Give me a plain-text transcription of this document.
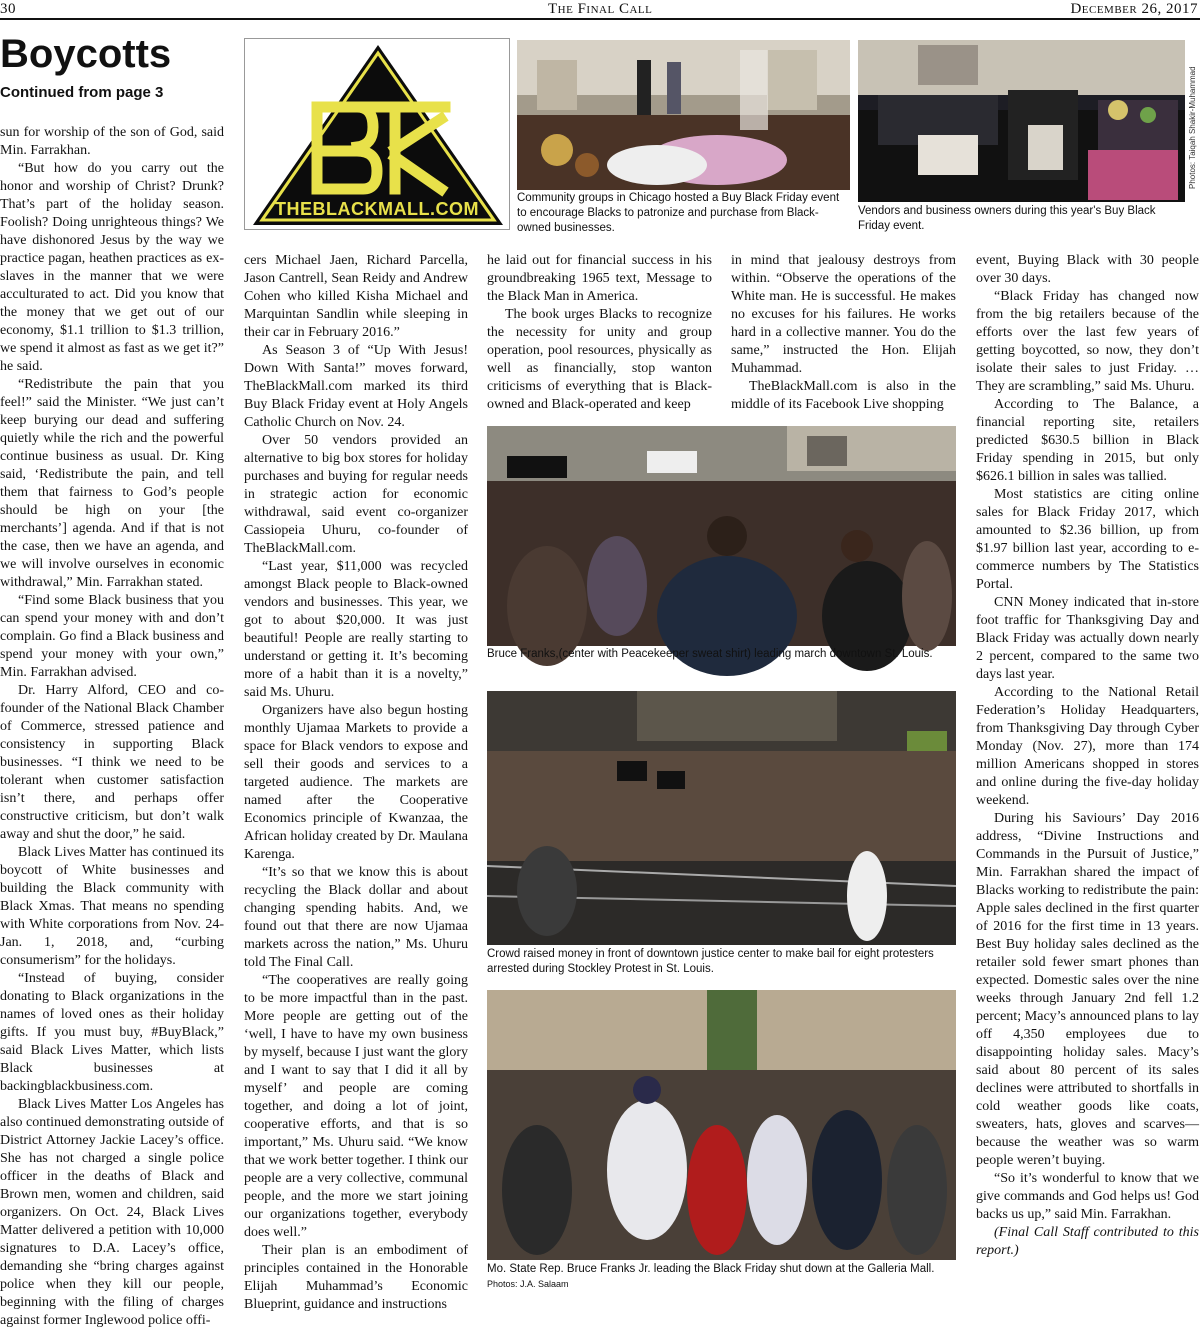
30	The Final Call	December 26, 2017
Boycotts
Continued from page 3

sun for worship of the son of God, said Min. Farrakhan.

“But how do you carry out the honor and worship of Christ? Drunk? That’s part of the holiday season. Foolish? Doing unrighteous things? We have dishonored Jesus by the way we practice pagan, heathen practices as ex-slaves in the manner that we were acculturated to act. Did you know that the money that we get out of our economy, $1.1 trillion to $1.3 trillion, we spend it almost as fast as we get it?” he said.

“Redistribute the pain that you feel!” said the Minister. “We just can’t keep burying our dead and suffering quietly while the rich and the powerful continue business as usual. Dr. King said, ‘Redistribute the pain, and tell them that fairness to God’s people should be high on your [the merchants’] agenda. And if that is not the case, then we have an agenda, and we will involve ourselves in economic withdrawal,” Min. Farrakhan stated.

“Find some Black business that you can spend your money with and don’t complain. Go find a Black business and spend your money with your own,” Min. Farrakhan advised.

Dr. Harry Alford, CEO and co-founder of the National Black Chamber of Commerce, stressed patience and consistency in supporting Black businesses. “I think we need to be tolerant when customer satisfaction isn’t there, and perhaps offer constructive criticism, but don’t walk away and shut the door,” he said.

Black Lives Matter has continued its boycott of White businesses and building the Black community with Black Xmas. That means no spending with White corporations from Nov. 24-Jan. 1, 2018, and, “curbing consumerism” for the holidays.

“Instead of buying, consider donating to Black organizations in the names of loved ones as their holiday gifts. If you must buy, #BuyBlack,” said Black Lives Matter, which lists Black businesses at backingblackbusiness.com.

Black Lives Matter Los Angeles has also continued demonstrating outside of District Attorney Jackie Lacey’s office. She has not charged a single police officer in the deaths of Black and Brown men, women and children, said organizers. On Oct. 24, Black Lives Matter delivered a petition with 10,000 signatures to D.A. Lacey’s office, demanding she “bring charges against police when they kill our people, beginning with the filing of charges against former Inglewood police offi-

THEBLACKMALL.COM
Community groups in Chicago hosted a Buy Black Friday event to encourage Blacks to patronize and purchase from Black-owned businesses.
Vendors and business owners during this year's Buy Black Friday event.
Photos: Taiqah Shakir-Muhammad

cers Michael Jaen, Richard Parcella, Jason Cantrell, Sean Reidy and Andrew Cohen who killed Kisha Michael and Marquintan Sandlin while sleeping in their car in February 2016.”

As Season 3 of “Up With Jesus! Down With Santa!” moves forward, TheBlackMall.com marked its third Buy Black Friday event at Holy Angels Catholic Church on Nov. 24.

Over 50 vendors provided an alternative to big box stores for holiday purchases and buying for regular needs in strategic action for economic withdrawal, said event co-organizer Cassiopeia Uhuru, co-founder of TheBlackMall.com.

“Last year, $11,000 was recycled amongst Black people to Black-owned vendors and businesses. This year, we got to about $20,000. It was just beautiful! People are really starting to understand or getting it. It’s becoming more of a habit than it is a novelty,” said Ms. Uhuru.

Organizers have also begun hosting monthly Ujamaa Markets to provide a space for Black vendors to expose and sell their goods and services to a targeted audience. The markets are named after the Cooperative Economics principle of Kwanzaa, the African holiday created by Dr. Maulana Karenga.

“It’s so that we know this is about recycling the Black dollar and about changing spending habits. And, we found out that there are now Ujamaa markets across the nation,” Ms. Uhuru told The Final Call.

“The cooperatives are really going to be more impactful than in the past. More people are getting out of the ‘well, I have to have my own business by myself, because I just want the glory and I want to say that I did it all by myself’ and people are coming together, and doing a lot of joint, cooperative efforts, and that is so important,” Ms. Uhuru said. “We know that we work better together. I think our people are a very collective, communal people, and the more we start joining our organizations together, everybody does well.”

Their plan is an embodiment of principles contained in the Honorable Elijah Muhammad’s Economic Blueprint, guidance and instructions

he laid out for financial success in his groundbreaking 1965 text, Message to the Black Man in America.

The book urges Blacks to recognize the necessity for unity and group operation, pool resources, physically as well as financially, stop wanton criticisms of everything that is Black-owned and Black-operated and keep

in mind that jealousy destroys from within. “Observe the operations of the White man. He is successful. He makes no excuses for his failures. He works hard in a collective manner. You do the same,” instructed the Hon. Elijah Muhammad.

TheBlackMall.com is also in the middle of its Facebook Live shopping

Bruce Franks,(center with Peacekeeper sweat shirt) leading march downtown St. Louis.
Crowd raised money in front of downtown justice center to make bail for eight protesters arrested during Stockley Protest in St. Louis.
Mo. State Rep. Bruce Franks Jr. leading the Black Friday shut down at the Galleria Mall. Photos: J.A. Salaam

event, Buying Black with 30 people over 30 days.

“Black Friday has changed now from the big retailers because of the efforts over the last few years of getting boycotted, so now, they don’t isolate their sales to just Friday. … They are scrambling,” said Ms. Uhuru.

According to The Balance, a financial reporting site, retailers predicted $630.5 billion in Black Friday spending in 2015, but only $626.1 billion in sales was tallied.

Most statistics are citing online sales for Black Friday 2017, which amounted to $2.36 billion, up from $1.97 billion last year, according to e-commerce numbers by The Statistics Portal.

CNN Money indicated that in-store foot traffic for Thanksgiving Day and Black Friday was actually down nearly 2 percent, compared to the same two days last year.

According to the National Retail Federation’s Holiday Headquarters, from Thanksgiving Day through Cyber Monday (Nov. 27), more than 174 million Americans shopped in stores and online during the five-day holiday weekend.

During his Saviours’ Day 2016 address, “Divine Instructions and Commands in the Pursuit of Justice,” Min. Farrakhan shared the impact of Blacks working to redistribute the pain: Apple sales declined in the first quarter of 2016 for the first time in 13 years. Best Buy holiday sales declined as the retailer sold fewer smart phones than expected. Domestic sales over the nine weeks through January 2nd fell 1.2 percent; Macy’s announced plans to lay off 4,350 employees due to disappointing holiday sales. Macy’s said about 80 percent of its sales declines were attributed to shortfalls in cold weather goods like coats, sweaters, hats, gloves and scarves—because the weather was so warm people weren’t buying.

“So it’s wonderful to know that we give commands and God helps us! God backs us up,” said Min. Farrakhan.

(Final Call Staff contributed to this report.)
